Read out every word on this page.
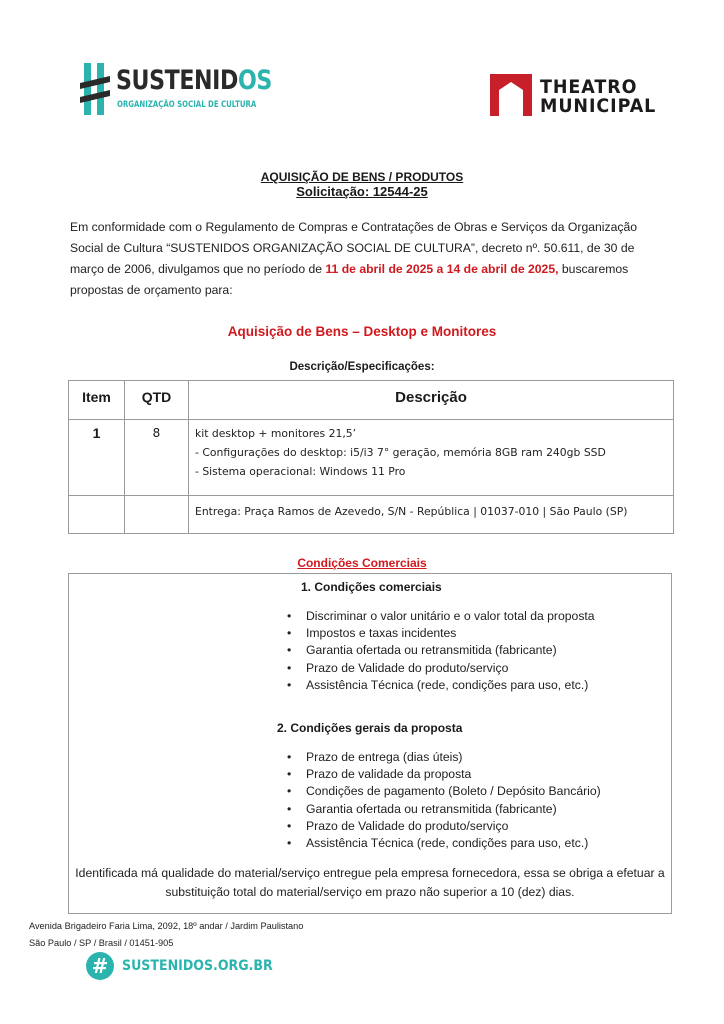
SUSTENIDOS
ORGANIZAÇÃO SOCIAL DE CULTURA
THEATRO
MUNICIPAL
AQUISIÇÃO DE BENS / PRODUTOS
Solicitação: 12544-25
Em conformidade com o Regulamento de Compras e Contratações de Obras e Serviços da Organização Social de Cultura “SUSTENIDOS ORGANIZAÇÃO SOCIAL DE CULTURA”, decreto nº. 50.611, de 30 de março de 2006, divulgamos que no período de 11 de abril de 2025 a 14 de abril de 2025, buscaremos propostas de orçamento para:
Aquisição de Bens – Desktop e Monitores
Descrição/Especificações:
Item	QTD	Descrição
1	8	kit desktop + monitores 21,5’
- Configurações do desktop: i5/i3 7° geração, memória 8GB ram 240gb SSD
- Sistema operacional: Windows 11 Pro

		Entrega: Praça Ramos de Azevedo, S/N - República | 01037-010 | São Paulo (SP)
Condições Comerciais
1. Condições comerciais
• Discriminar o valor unitário e o valor total da proposta
• Impostos e taxas incidentes
• Garantia ofertada ou retransmitida (fabricante)
• Prazo de Validade do produto/serviço
• Assistência Técnica (rede, condições para uso, etc.)
2. Condições gerais da proposta
• Prazo de entrega (dias úteis)
• Prazo de validade da proposta
• Condições de pagamento (Boleto / Depósito Bancário)
• Garantia ofertada ou retransmitida (fabricante)
• Prazo de Validade do produto/serviço
• Assistência Técnica (rede, condições para uso, etc.)
Identificada má qualidade do material/serviço entregue pela empresa fornecedora, essa se obriga a efetuar a substituição total do material/serviço em prazo não superior a 10 (dez) dias.
Avenida Brigadeiro Faria Lima, 2092, 18º andar / Jardim Paulistano
São Paulo / SP / Brasil / 01451-905
# SUSTENIDOS.ORG.BR
